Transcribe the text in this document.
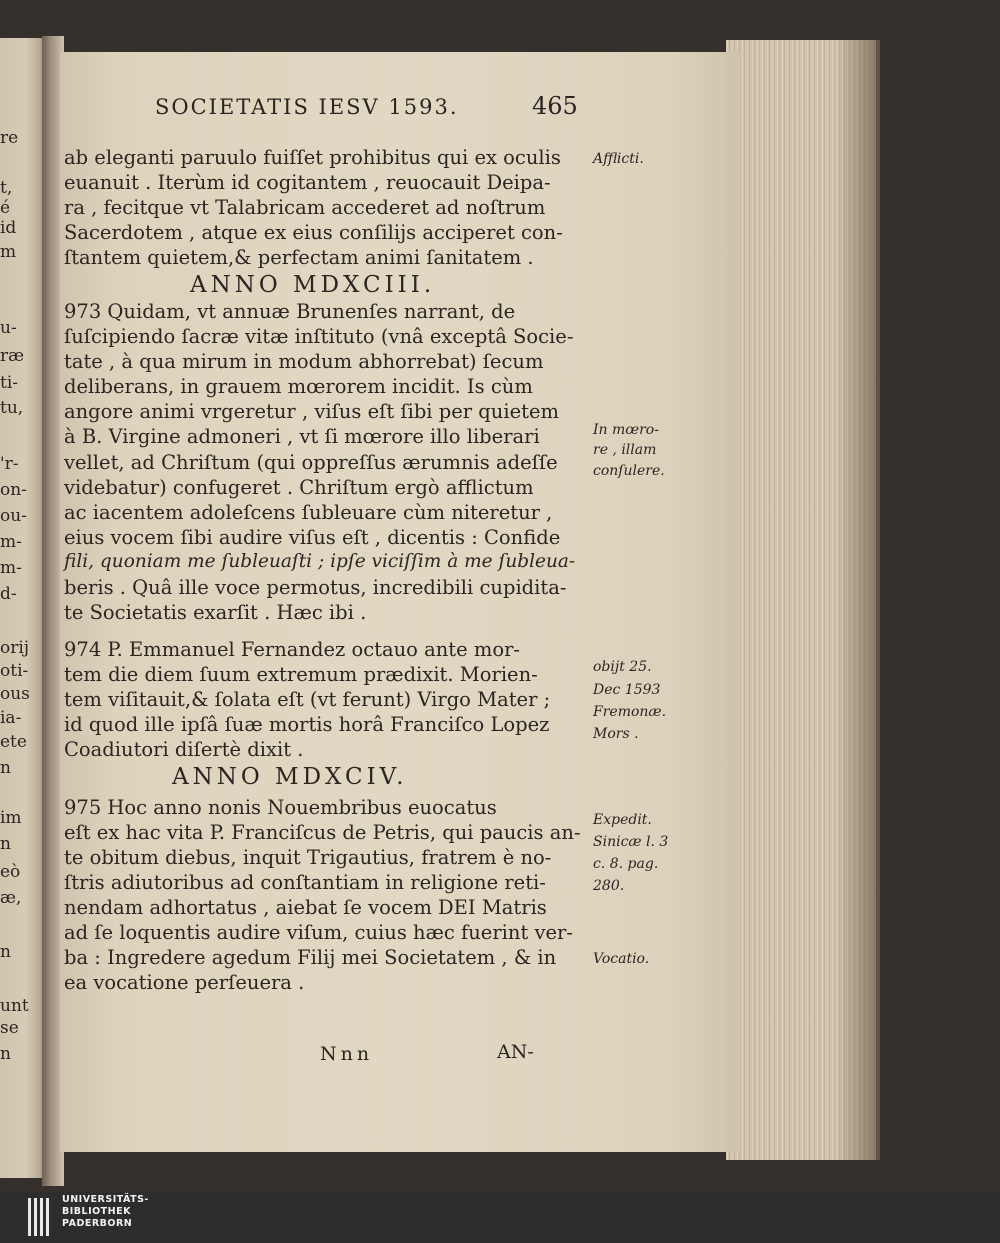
re
t,
é
id
m
u-
ræ
ti-
tu,
'r-
on-
ou-
m-
m-
d-
orij
oti-
ous
ia-
ete
n
im
n
eò
æ,
n
unt
se
n
SOCIETATIS IESV 1593.	465
ab eleganti paruulo fuiſſet prohibitus qui ex oculis
euanuit . Iterùm id cogitantem , reuocauit Deipa-
ra , fecitque vt Talabricam accederet ad noſtrum
Sacerdotem , atque ex eius conſilijs acciperet con-
ſtantem quietem,& perfectam animi ſanitatem .
ANNO MDXCIII.
973 Quidam, vt annuæ Brunenſes narrant, de
ſuſcipiendo ſacræ vitæ inſtituto (vnâ exceptâ Socie-
tate , à qua mirum in modum abhorrebat) ſecum
deliberans, in grauem mœrorem incidit. Is cùm
angore animi vrgeretur , viſus eſt ſibi per quietem
à B. Virgine admoneri , vt ſi mœrore illo liberari
vellet, ad Chriſtum (qui oppreſſus ærumnis adeſſe
videbatur) confugeret . Chriſtum ergò afflictum
ac iacentem adoleſcens ſubleuare cùm niteretur ,
eius vocem ſibi audire viſus eſt , dicentis : Confide
fili, quoniam me ſubleuaſti ; ipſe viciſſim à me ſubleua-
beris . Quâ ille voce permotus, incredibili cupidita-
te Societatis exarſit . Hæc ibi .
974 P. Emmanuel Fernandez octauo ante mor-
tem die diem ſuum extremum prædixit. Morien-
tem viſitauit,& ſolata eſt (vt ferunt) Virgo Mater ;
id quod ille ipſâ ſuæ mortis horâ Franciſco Lopez
Coadiutori diſertè dixit .
ANNO MDXCIV.
975 Hoc anno nonis Nouembribus euocatus
eſt ex hac vita P. Franciſcus de Petris, qui paucis an-
te obitum diebus, inquit Trigautius, fratrem è no-
ſtris adiutoribus ad conſtantiam in religione reti-
nendam adhortatus , aiebat ſe vocem DEI Matris
ad ſe loquentis audire viſum, cuius hæc fuerint ver-
ba : Ingredere agedum Filij mei Societatem , & in
ea vocatione perſeuera .
Afflicti.
In mœro-
re , illam
conſulere.
obijt 25.
Dec 1593
Fremonæ.
Mors .
Expedit.
Sinicæ l. 3
c. 8. pag.
280.
Vocatio.
Nnn	AN-
UNIVERSITÄTS-
BIBLIOTHEK
PADERBORN
